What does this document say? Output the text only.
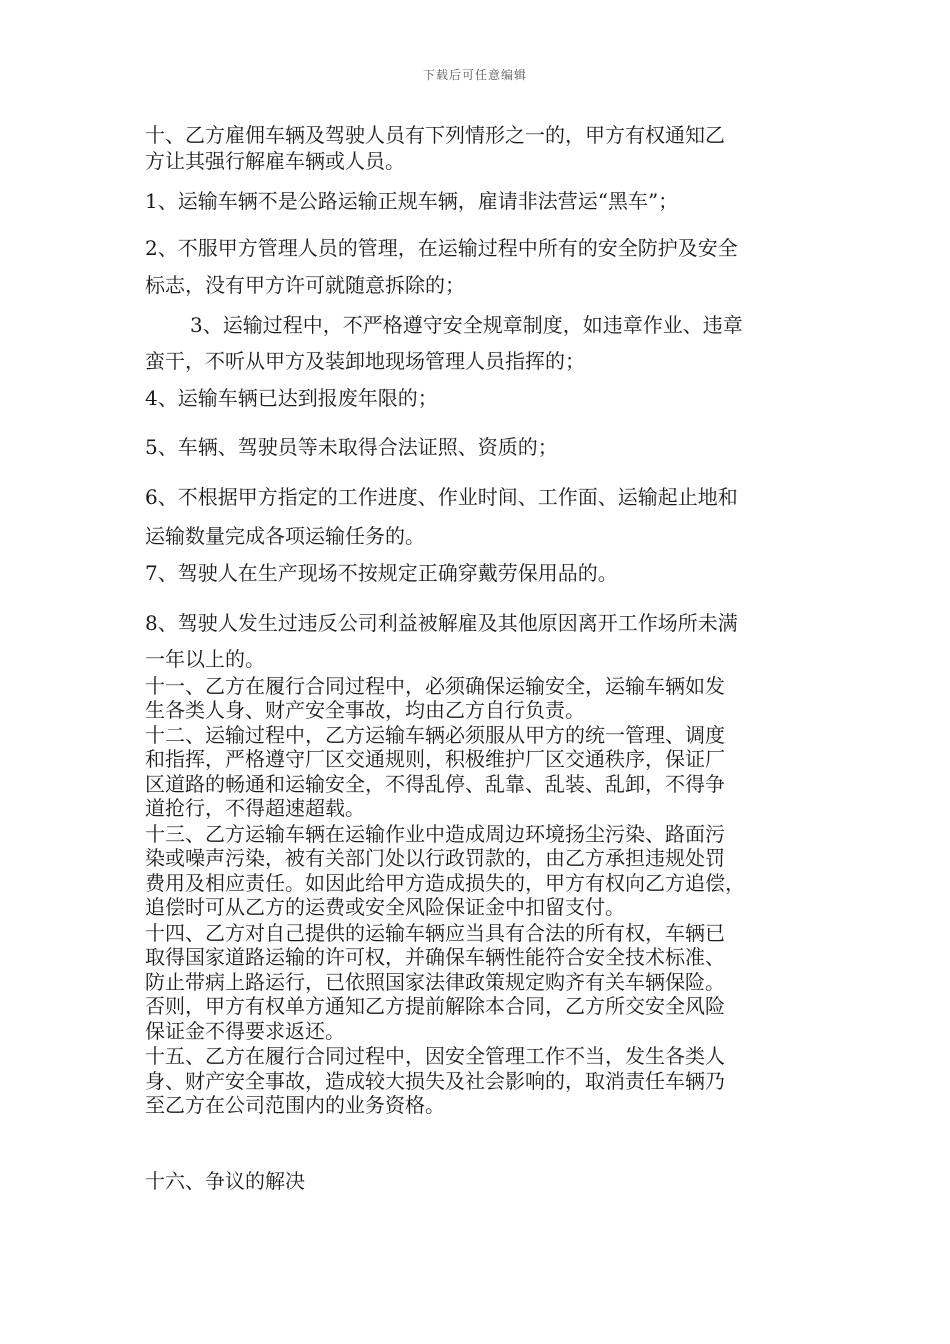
下载后可任意编辑
十、乙方雇佣车辆及驾驶人员有下列情形之一的，甲方有权通知乙
方让其强行解雇车辆或人员。
1、运输车辆不是公路运输正规车辆，雇请非法营运“黑车”；
2、不服甲方管理人员的管理，在运输过程中所有的安全防护及安全
标志，没有甲方许可就随意拆除的；
3、运输过程中，不严格遵守安全规章制度，如违章作业、违章
蛮干，不听从甲方及装卸地现场管理人员指挥的；
4、运输车辆已达到报废年限的；
5、车辆、驾驶员等未取得合法证照、资质的；
6、不根据甲方指定的工作进度、作业时间、工作面、运输起止地和
运输数量完成各项运输任务的。
7、驾驶人在生产现场不按规定正确穿戴劳保用品的。
8、驾驶人发生过违反公司利益被解雇及其他原因离开工作场所未满
一年以上的。
十一、乙方在履行合同过程中，必须确保运输安全，运输车辆如发
生各类人身、财产安全事故，均由乙方自行负责。
十二、运输过程中，乙方运输车辆必须服从甲方的统一管理、调度
和指挥，严格遵守厂区交通规则，积极维护厂区交通秩序，保证厂
区道路的畅通和运输安全，不得乱停、乱靠、乱装、乱卸，不得争
道抢行，不得超速超载。
十三、乙方运输车辆在运输作业中造成周边环境扬尘污染、路面污
染或噪声污染，被有关部门处以行政罚款的，由乙方承担违规处罚
费用及相应责任。如因此给甲方造成损失的，甲方有权向乙方追偿，
追偿时可从乙方的运费或安全风险保证金中扣留支付。
十四、乙方对自己提供的运输车辆应当具有合法的所有权，车辆已
取得国家道路运输的许可权，并确保车辆性能符合安全技术标准、
防止带病上路运行，已依照国家法律政策规定购齐有关车辆保险。
否则，甲方有权单方通知乙方提前解除本合同，乙方所交安全风险
保证金不得要求返还。
十五、乙方在履行合同过程中，因安全管理工作不当，发生各类人
身、财产安全事故，造成较大损失及社会影响的，取消责任车辆乃
至乙方在公司范围内的业务资格。
十六、争议的解决
